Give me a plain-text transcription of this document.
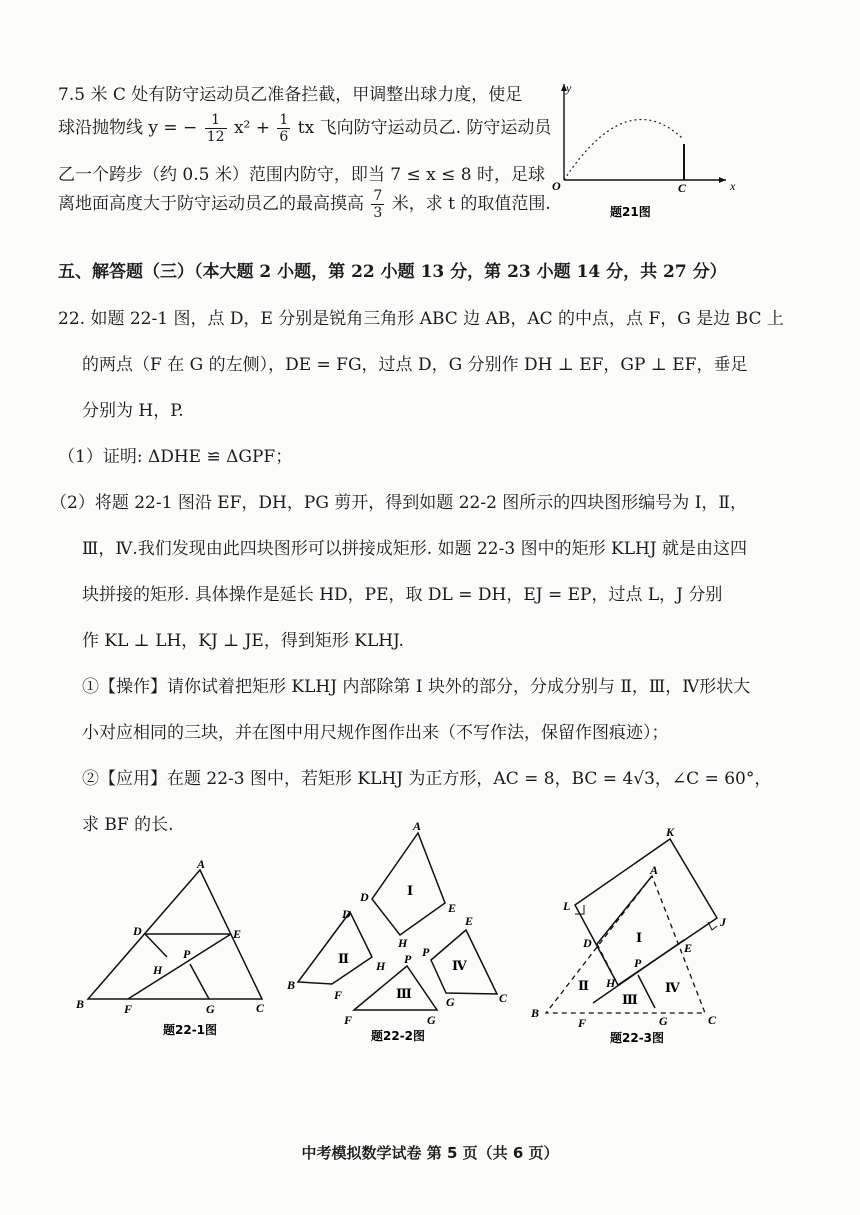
7.5 米 C 处有防守运动员乙准备拦截，甲调整出球力度，使足
球沿抛物线 y = − $\frac{1}{12} x^2 + \frac{1}{6}$ tx 飞向防守运动员乙. 防守运动员
乙一个跨步（约 0.5 米）范围内防守，即当 7 ≤ x ≤ 8 时，足球
离地面高度大于防守运动员乙的最高摸高 $\frac{7}{3}$ 米，求 t 的取值范围.
y
x
O	C
题21图
五、解答题（三）（本大题 2 小题，第 22 小题 13 分，第 23 小题 14 分，共 27 分）
22. 如题 22-1 图，点 D，E 分别是锐角三角形 ABC 边 AB，AC 的中点，点 F，G 是边 BC 上
的两点（F 在 G 的左侧），DE = FG，过点 D，G 分别作 DH ⊥ EF，GP ⊥ EF，垂足
分别为 H，P.
（1）证明: ΔDHE ≌ ΔGPF；
（2）将题 22-1 图沿 EF，DH，PG 剪开，得到如题 22-2 图所示的四块图形编号为 Ⅰ，Ⅱ，
Ⅲ，Ⅳ.我们发现由此四块图形可以拼接成矩形. 如题 22-3 图中的矩形 KLHJ 就是由这四
块拼接的矩形. 具体操作是延长 HD，PE，取 DL = DH，EJ = EP，过点 L，J 分别
作 KL ⊥ LH，KJ ⊥ JE，得到矩形 KLHJ.
①【操作】请你试着把矩形 KLHJ 内部除第 Ⅰ 块外的部分，分成分别与 Ⅱ，Ⅲ，Ⅳ形状大
小对应相同的三块，并在图中用尺规作图作出来（不写作法，保留作图痕迹）；
②【应用】在题 22-3 图中，若矩形 KLHJ 为正方形，AC = 8，BC = 4√3，∠C = 60°，
求 BF 的长.
A
B	C
D	E
F	G
H
P
题22-1图
A
D
E
H
D
H
B
F
P
P
E
G	C
F	G
Ⅰ
Ⅱ
Ⅲ
Ⅳ
题22-2图
K
A
L
J
D	E
H
P
B
F	G	C
Ⅰ
Ⅱ
Ⅲ
Ⅳ
题22-3图
中考模拟数学试卷 第 5 页（共 6 页）
